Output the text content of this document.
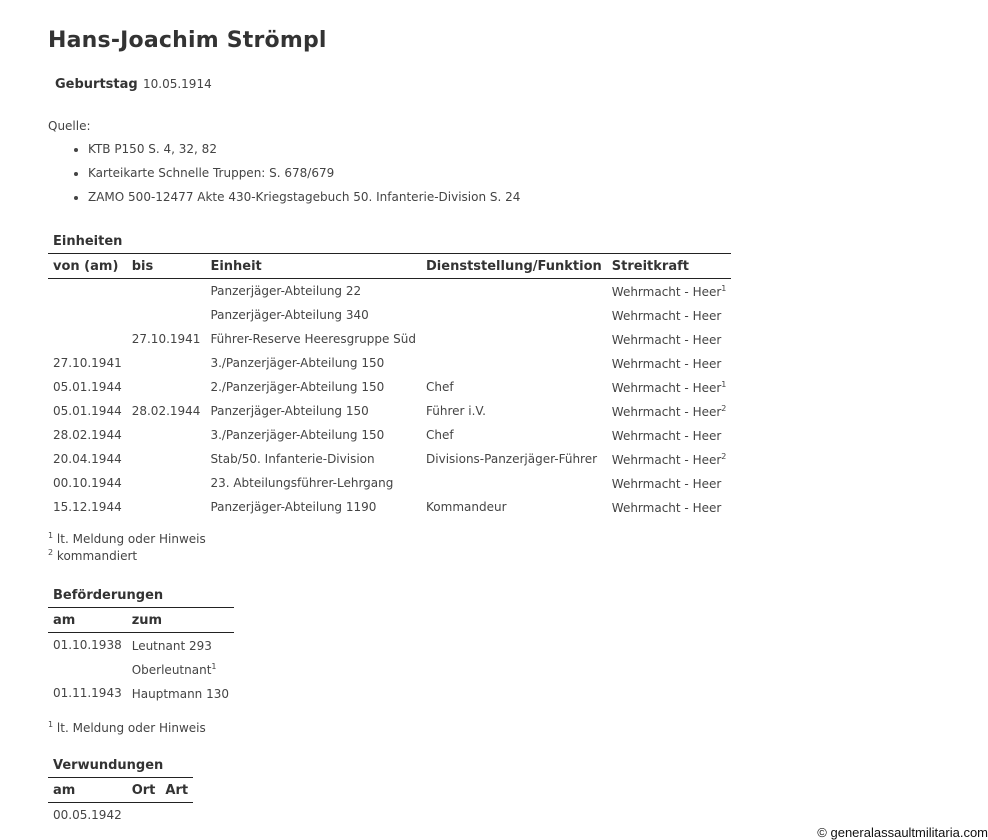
Hans-Joachim Strömpl
Geburtstag 10.05.1914
Quelle:
• KTB P150 S. 4, 32, 82
• Karteikarte Schnelle Truppen: S. 678/679
• ZAMO 500-12477 Akte 430-Kriegstagebuch 50. Infanterie-Division S. 24
Einheiten
von (am)	bis	Einheit	Dienststellung/Funktion	Streitkraft
		Panzerjäger-Abteilung 22		Wehrmacht - Heer$^1$
		Panzerjäger-Abteilung 340		Wehrmacht - Heer
	27.10.1941	Führer-Reserve Heeresgruppe Süd		Wehrmacht - Heer
27.10.1941		3./Panzerjäger-Abteilung 150		Wehrmacht - Heer
05.01.1944		2./Panzerjäger-Abteilung 150	Chef	Wehrmacht - Heer$^1$
05.01.1944	28.02.1944	Panzerjäger-Abteilung 150	Führer i.V.	Wehrmacht - Heer$^2$
28.02.1944		3./Panzerjäger-Abteilung 150	Chef	Wehrmacht - Heer
20.04.1944		Stab/50. Infanterie-Division	Divisions-Panzerjäger-Führer	Wehrmacht - Heer$^2$
00.10.1944		23. Abteilungsführer-Lehrgang		Wehrmacht - Heer
15.12.1944		Panzerjäger-Abteilung 1190	Kommandeur	Wehrmacht - Heer
$^1$ lt. Meldung oder Hinweis
$^2$ kommandiert
Beförderungen
am	zum
01.10.1938	Leutnant 293
	Oberleutnant$^1$
01.11.1943	Hauptmann 130
$^1$ lt. Meldung oder Hinweis
Verwundungen
am	Ort	Art
00.05.1942		
© generalassaultmilitaria.com
